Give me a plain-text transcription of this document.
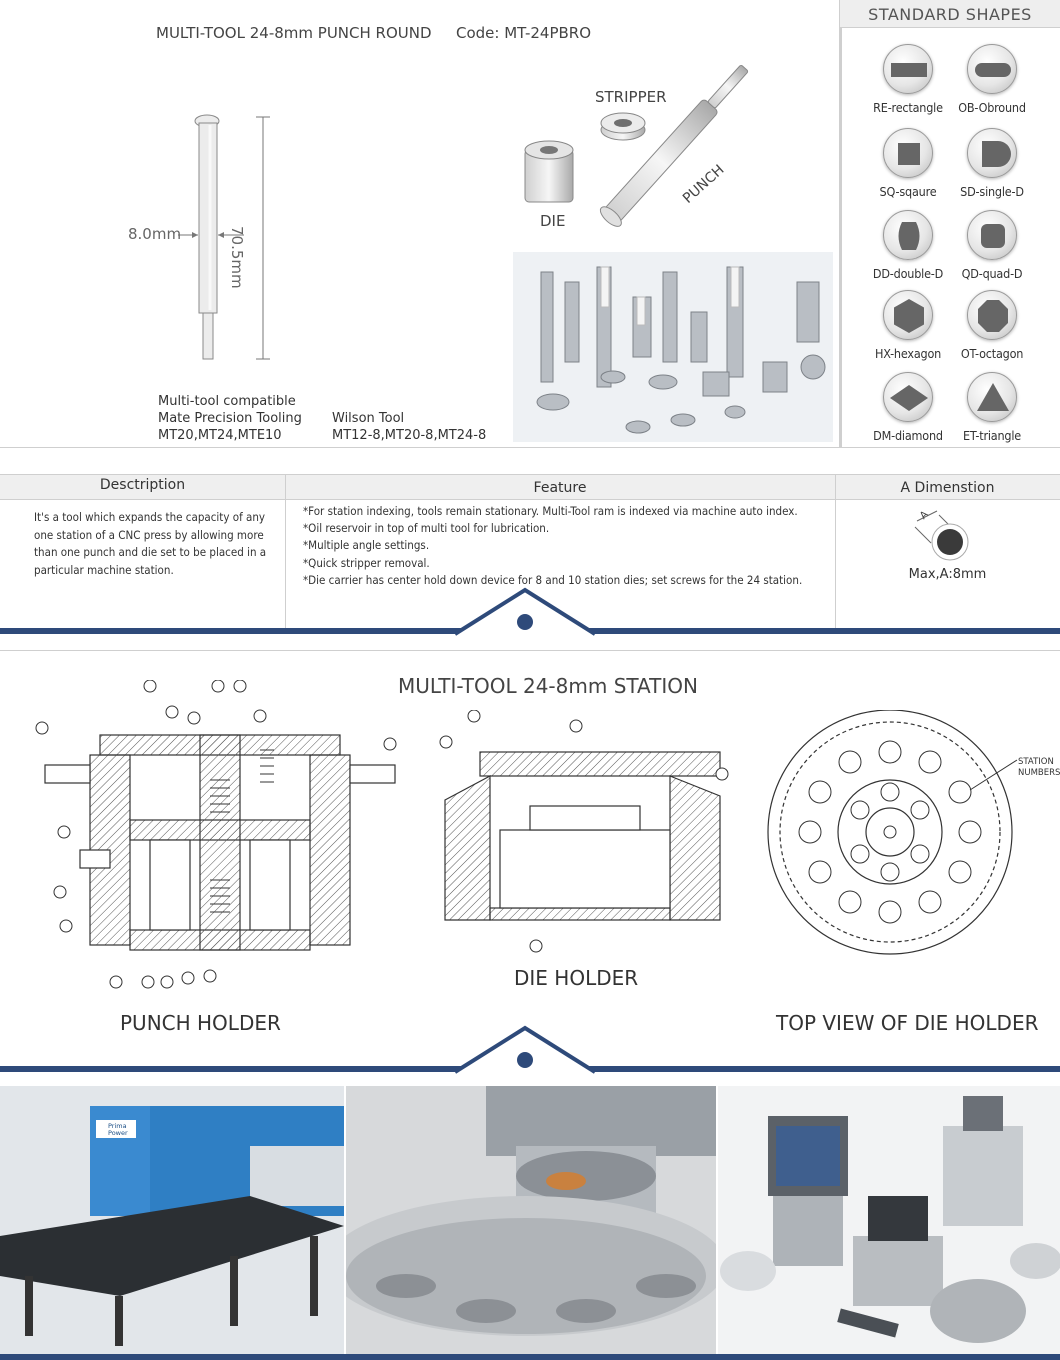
MULTI-TOOL 24-8mm PUNCH ROUND Code: MT-24PBRO
8.0mm	70.5mm
Multi-tool compatible
Mate Precision Tooling
MT20,MT24,MTE10
Wilson Tool
MT12-8,MT20-8,MT24-8
STRIPPER
DIE
PUNCH
STANDARD SHAPES
RE-rectangle	OB-Obround
SQ-sqaure	SD-single-D
DD-double-D	QD-quad-D
HX-hexagon	OT-octagon
DM-diamond	ET-triangle
Desctription	Feature	A Dimenstion
It's a tool which expands the capacity of any one station of a CNC press by allowing more than one punch and die set to be placed in a particular machine station.
*For station indexing, tools remain stationary. Multi-Tool ram is indexed via machine auto index.
*Oil reservoir in top of multi tool for lubrication.
*Multiple angle settings.
*Quick stripper removal.
*Die carrier has center hold down device for 8 and 10 station dies; set screws for the 24 station.
A
Max,A:8mm
MULTI-TOOL 24-8mm STATION
PUNCH HOLDER
DIE HOLDER
STATION NUMBERS
TOP VIEW OF DIE HOLDER
Prima Power
